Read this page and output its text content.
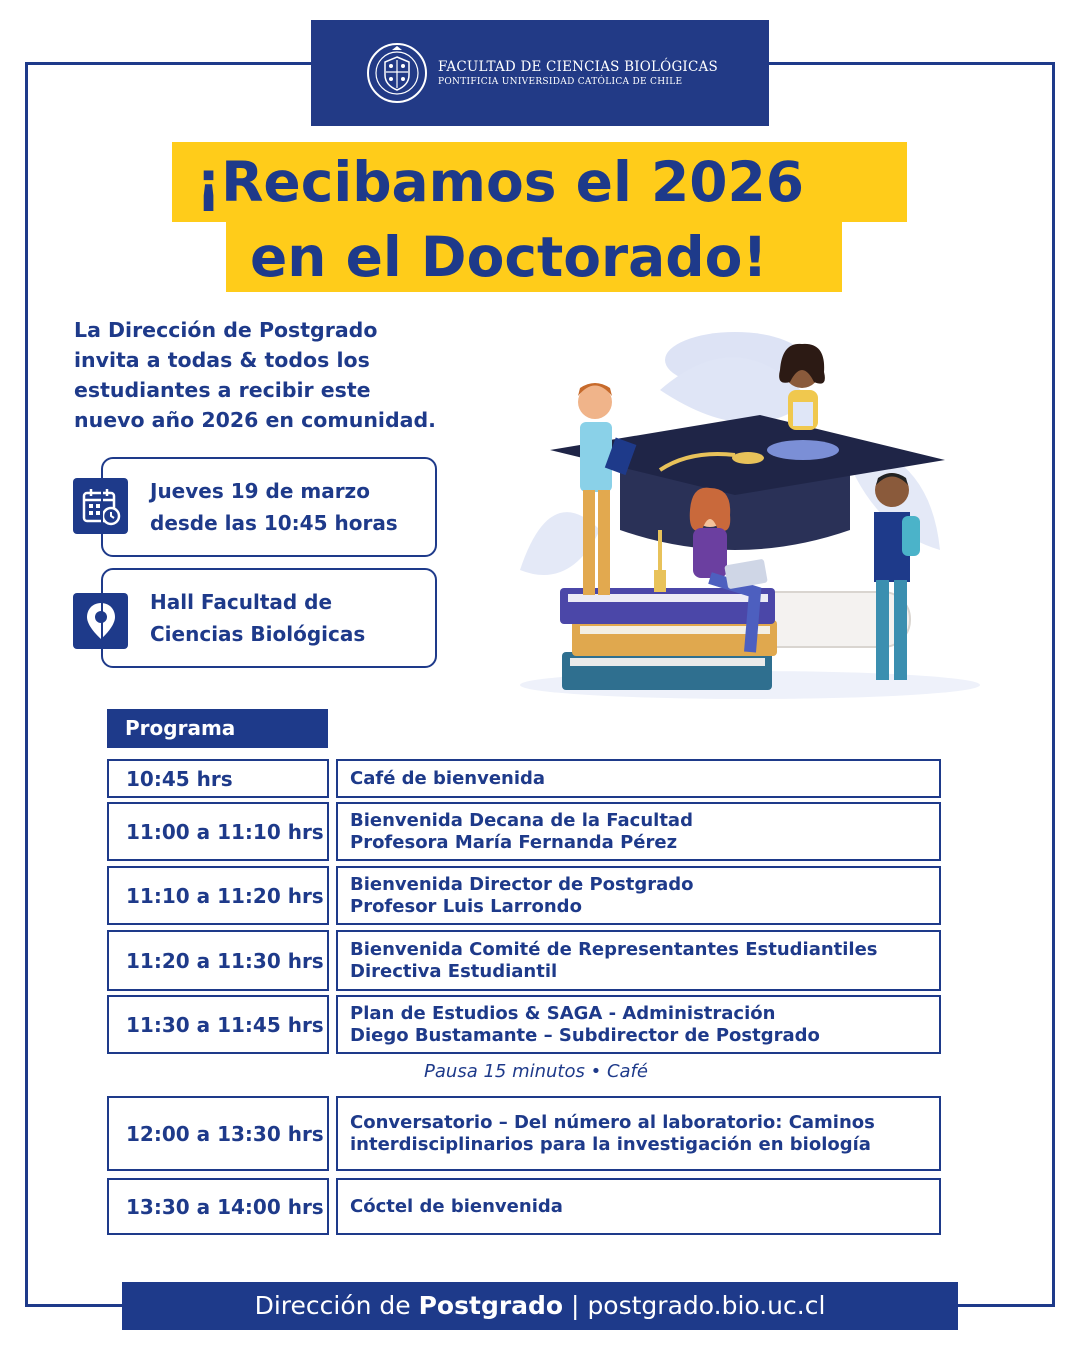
FACULTAD DE CIENCIAS BIOLÓGICAS
PONTIFICIA UNIVERSIDAD CATÓLICA DE CHILE
¡Recibamos el 2026
en el Doctorado!
La Dirección de Postgrado
invita a todas & todos los
estudiantes a recibir este
nuevo año 2026 en comunidad.
Jueves 19 de marzo
desde las 10:45 horas
Hall Facultad de
Ciencias Biológicas
Programa
10:45 hrs	Café de bienvenida
11:00 a 11:10 hrs Bienvenida Decana de la Facultad
Profesora María Fernanda Pérez
11:10 a 11:20 hrs Bienvenida Director de Postgrado
Profesor Luis Larrondo
11:20 a 11:30 hrs Bienvenida Comité de Representantes Estudiantiles
Directiva Estudiantil
11:30 a 11:45 hrs Plan de Estudios & SAGA - Administración
Diego Bustamante – Subdirector de Postgrado
Pausa 15 minutos • Café
12:00 a 13:30 hrs Conversatorio – Del número al laboratorio: Caminos
interdisciplinarios para la investigación en biología
13:30 a 14:00 hrs Cóctel de bienvenida
Dirección de Postgrado | postgrado.bio.uc.cl
